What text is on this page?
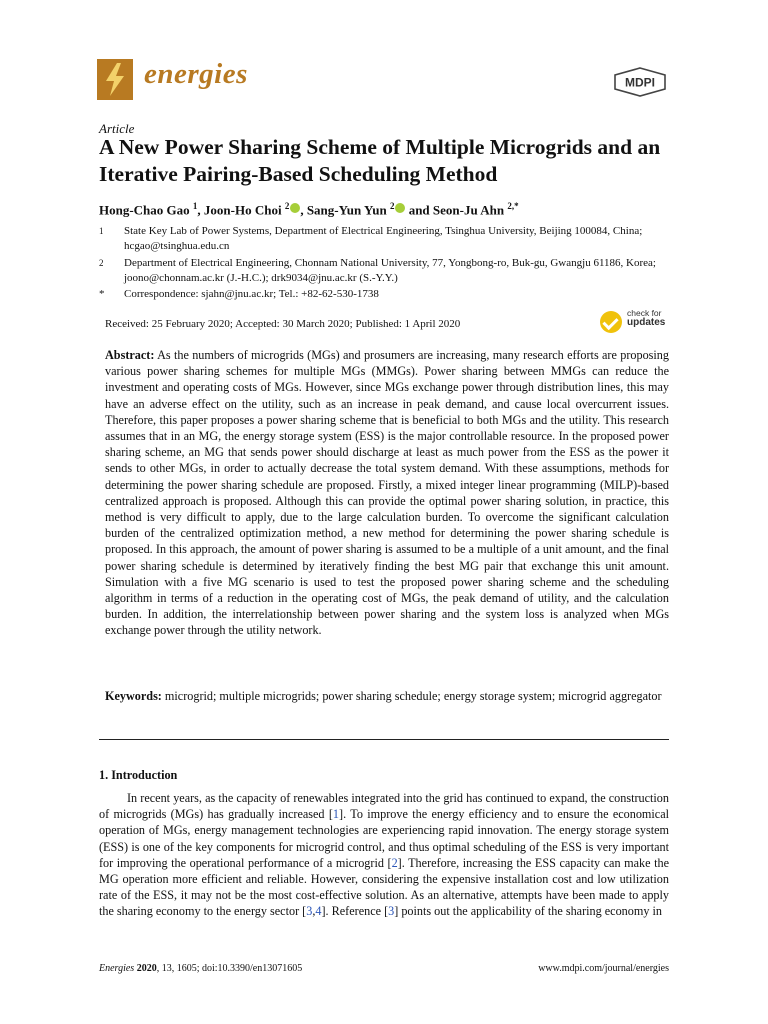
energies	MDPI
Article
A New Power Sharing Scheme of Multiple Microgrids and an Iterative Pairing-Based Scheduling Method
Hong-Chao Gao $^1$, Joon-Ho Choi $^2$ , Sang-Yun Yun $^2$ and Seon-Ju Ahn $^{2,*}$
1 State Key Lab of Power Systems, Department of Electrical Engineering, Tsinghua University, Beijing 100084, China; hcgao@tsinghua.edu.cn
2 Department of Electrical Engineering, Chonnam National University, 77, Yongbong-ro, Buk-gu, Gwangju 61186, Korea; joono@chonnam.ac.kr (J.-H.C.); drk9034@jnu.ac.kr (S.-Y.Y.)
* Correspondence: sjahn@jnu.ac.kr; Tel.: +82-62-530-1738
Received: 25 February 2020; Accepted: 30 March 2020; Published: 1 April 2020
check for
updates
Abstract: As the numbers of microgrids (MGs) and prosumers are increasing, many research efforts are proposing various power sharing schemes for multiple MGs (MMGs). Power sharing between MMGs can reduce the investment and operating costs of MGs. However, since MGs exchange power through distribution lines, this may have an adverse effect on the utility, such as an increase in peak demand, and cause local overcurrent issues. Therefore, this paper proposes a power sharing scheme that is beneficial to both MGs and the utility. This research assumes that in an MG, the energy storage system (ESS) is the major controllable resource. In the proposed power sharing scheme, an MG that sends power should discharge at least as much power from the ESS as the power it sends to other MGs, in order to actually decrease the total system demand. With these assumptions, methods for determining the power sharing schedule are proposed. Firstly, a mixed integer linear programming (MILP)-based centralized approach is proposed. Although this can provide the optimal power sharing solution, in practice, this method is very difficult to apply, due to the large calculation burden. To overcome the significant calculation burden of the centralized optimization method, a new method for determining the power sharing schedule is proposed. In this approach, the amount of power sharing is assumed to be a multiple of a unit amount, and the final power sharing schedule is determined by iteratively finding the best MG pair that exchange this unit amount. Simulation with a five MG scenario is used to test the proposed power sharing scheme and the scheduling algorithm in terms of a reduction in the operating cost of MGs, the peak demand of utility, and the calculation burden. In addition, the interrelationship between power sharing and the system loss is analyzed when MGs exchange power through the utility network.
Keywords: microgrid; multiple microgrids; power sharing schedule; energy storage system; microgrid aggregator
1. Introduction
In recent years, as the capacity of renewables integrated into the grid has continued to expand, the construction of microgrids (MGs) has gradually increased [1]. To improve the energy efficiency and to ensure the economical operation of MGs, energy management technologies are experiencing rapid innovation. The energy storage system (ESS) is one of the key components for microgrid control, and thus optimal scheduling of the ESS is very important for improving the operational performance of a microgrid [2]. Therefore, increasing the ESS capacity can make the MG operation more efficient and reliable. However, considering the expensive installation cost and low utilization rate of the ESS, it may not be the most cost-effective solution. As an alternative, attempts have been made to apply the sharing economy to the energy sector [3,4]. Reference [3] points out the applicability of the sharing economy in
Energies 2020, 13, 1605; doi:10.3390/en13071605	www.mdpi.com/journal/energies
